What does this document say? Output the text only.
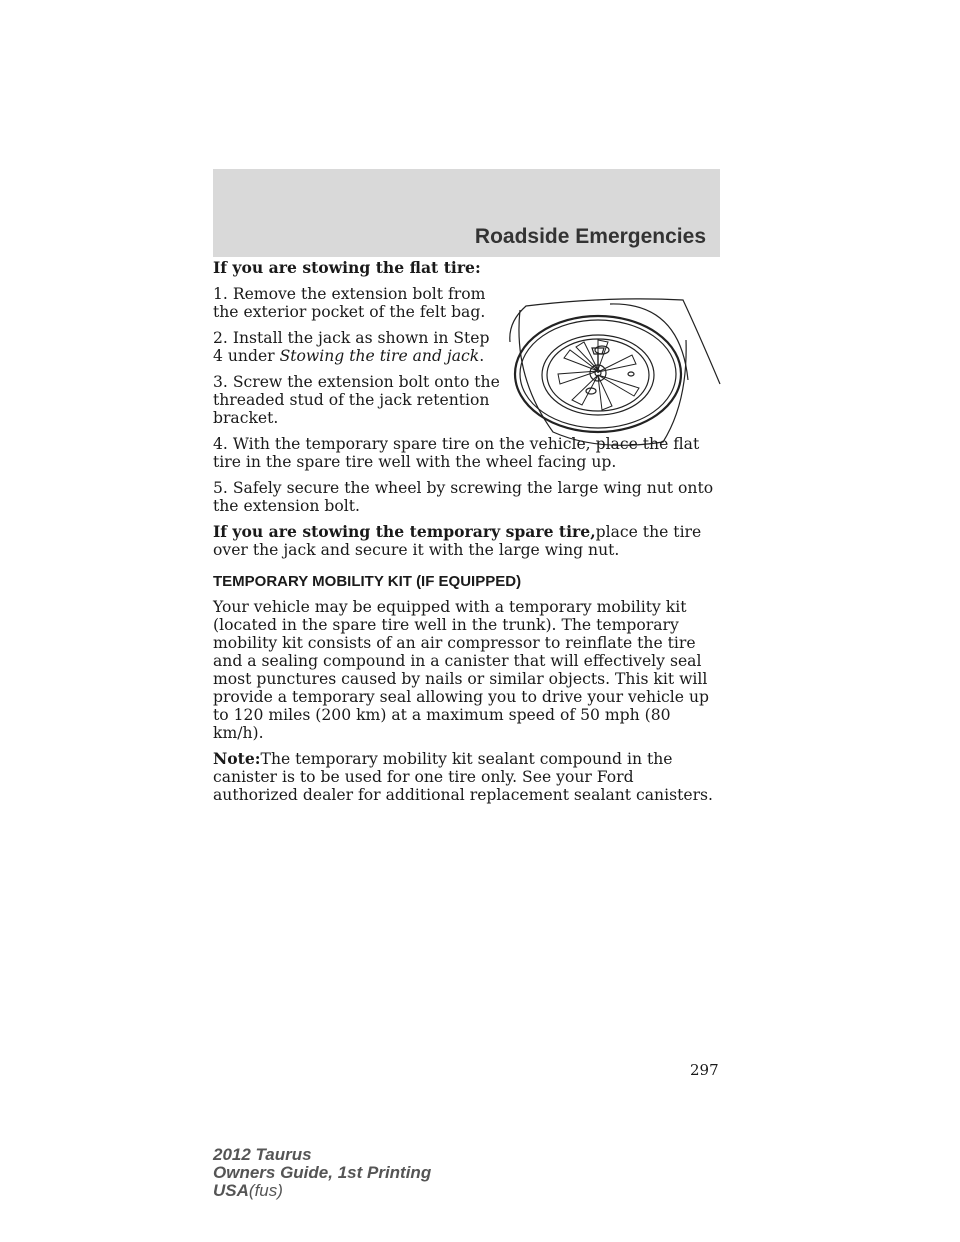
Roadside Emergencies

If you are stowing the flat tire:

1. Remove the extension bolt from the exterior pocket of the felt bag.

2. Install the jack as shown in Step 4 under Stowing the tire and jack.

3. Screw the extension bolt onto the threaded stud of the jack retention bracket.

4. With the temporary spare tire on the vehicle, place the flat tire in the spare tire well with the wheel facing up.

5. Safely secure the wheel by screwing the large wing nut onto the extension bolt.

If you are stowing the temporary spare tire,place the tire over the jack and secure it with the large wing nut.

TEMPORARY MOBILITY KIT (IF EQUIPPED)

Your vehicle may be equipped with a temporary mobility kit (located in the spare tire well in the trunk). The temporary mobility kit consists of an air compressor to reinflate the tire and a sealing compound in a canister that will effectively seal most punctures caused by nails or similar objects. This kit will provide a temporary seal allowing you to drive your vehicle up to 120 miles (200 km) at a maximum speed of 50 mph (80 km/h).

Note:The temporary mobility kit sealant compound in the canister is to be used for one tire only. See your Ford authorized dealer for additional replacement sealant canisters.

297
2012 Taurus
Owners Guide, 1st Printing
USA(fus)
